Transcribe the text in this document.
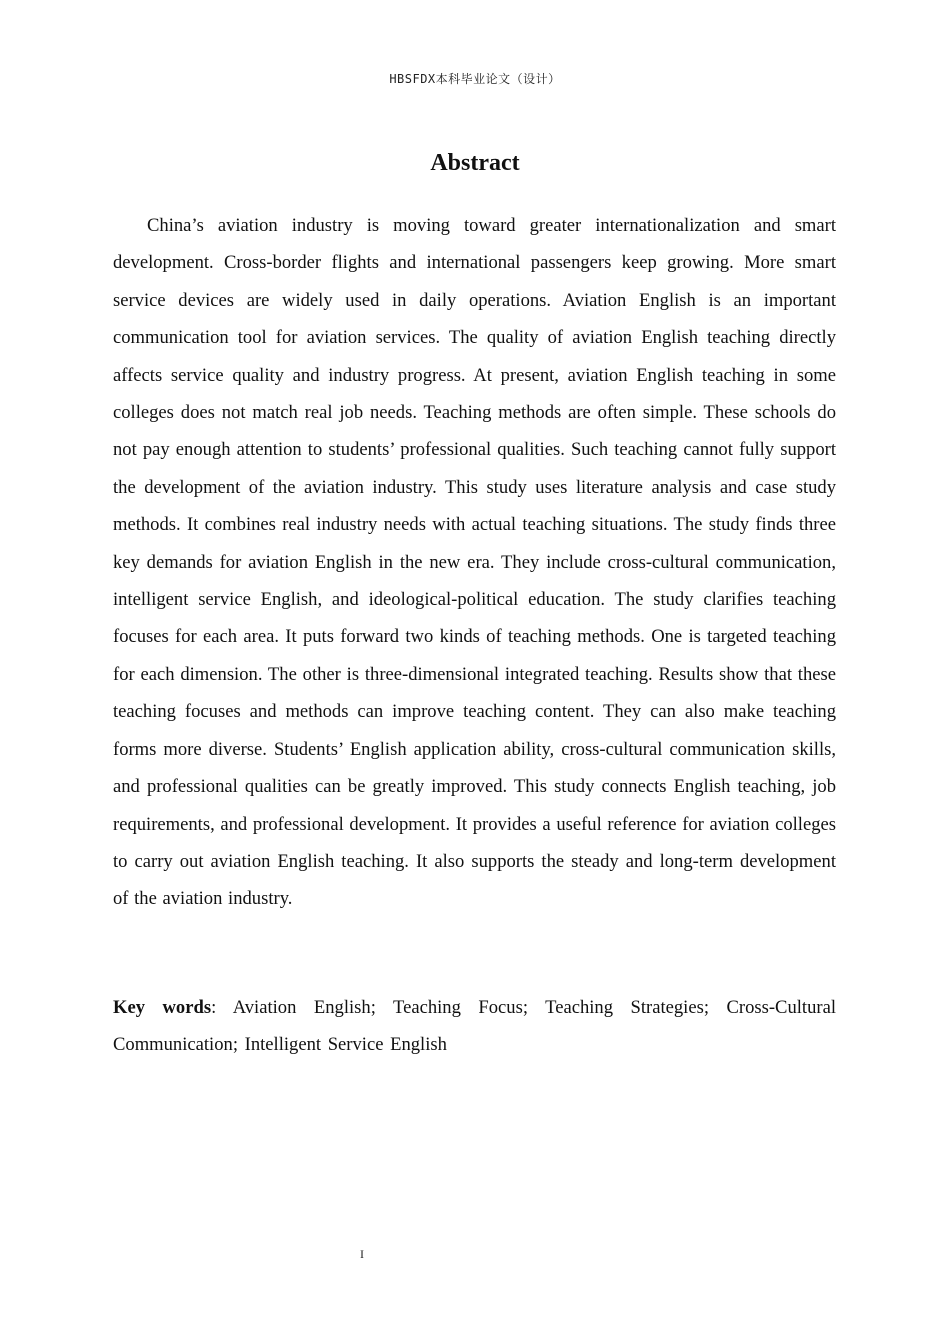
HBSFDX本科毕业论文（设计）
Abstract

China’s aviation industry is moving toward greater internationalization and smart development. Cross-border flights and international passengers keep growing. More smart service devices are widely used in daily operations. Aviation English is an important communication tool for aviation services. The quality of aviation English teaching directly affects service quality and industry progress. At present, aviation English teaching in some colleges does not match real job needs. Teaching methods are often simple. These schools do not pay enough attention to students’ professional qualities. Such teaching cannot fully support the development of the aviation industry. This study uses literature analysis and case study methods. It combines real industry needs with actual teaching situations. The study finds three key demands for aviation English in the new era. They include cross-cultural communication, intelligent service English, and ideological-political education. The study clarifies teaching focuses for each area. It puts forward two kinds of teaching methods. One is targeted teaching for each dimension. The other is three-dimensional integrated teaching. Results show that these teaching focuses and methods can improve teaching content. They can also make teaching forms more diverse. Students’ English application ability, cross-cultural communication skills, and professional qualities can be greatly improved. This study connects English teaching, job requirements, and professional development. It provides a useful reference for aviation colleges to carry out aviation English teaching. It also supports the steady and long-term development of the aviation industry.

Key words: Aviation English; Teaching Focus; Teaching Strategies; Cross-Cultural Communication; Intelligent Service English

I
